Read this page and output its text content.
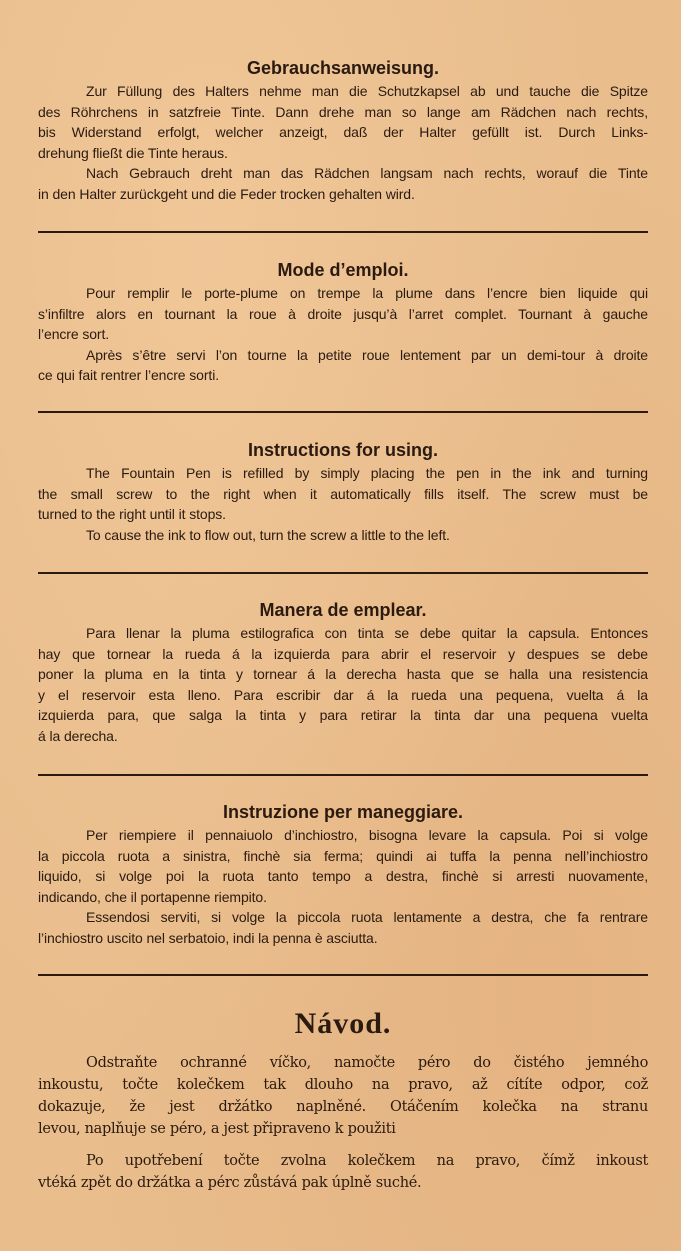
Gebrauchsanweisung.
Zur Füllung des Halters nehme man die Schutzkapsel ab und tauche die Spitze
des Röhrchens in satzfreie Tinte. Dann drehe man so lange am Rädchen nach rechts,
bis Widerstand erfolgt, welcher anzeigt, daß der Halter gefüllt ist. Durch Links-
drehung fließt die Tinte heraus.
Nach Gebrauch dreht man das Rädchen langsam nach rechts, worauf die Tinte
in den Halter zurückgeht und die Feder trocken gehalten wird.
Mode d’emploi.
Pour remplir le porte-plume on trempe la plume dans l’encre bien liquide qui
s’infiltre alors en tournant la roue à droite jusqu’à l’arret complet. Tournant à gauche
l’encre sort.
Après s’être servi l’on tourne la petite roue lentement par un demi-tour à droite
ce qui fait rentrer l’encre sorti.
Instructions for using.
The Fountain Pen is refilled by simply placing the pen in the ink and turning
the small screw to the right when it automatically fills itself. The screw must be
turned to the right until it stops.
To cause the ink to flow out, turn the screw a little to the left.
Manera de emplear.
Para llenar la pluma estilografica con tinta se debe quitar la capsula. Entonces
hay que tornear la rueda á la izquierda para abrir el reservoir y despues se debe
poner la pluma en la tinta y tornear á la derecha hasta que se halla una resistencia
y el reservoir esta lleno. Para escribir dar á la rueda una pequena, vuelta á la
izquierda para, que salga la tinta y para retirar la tinta dar una pequena vuelta
á la derecha.
Instruzione per maneggiare.
Per riempiere il pennaiuolo d’inchiostro, bisogna levare la capsula. Poi si volge
la piccola ruota a sinistra, finchè sia ferma; quindi ai tuffa la penna nell’inchiostro
liquido, si volge poi la ruota tanto tempo a destra, finchè si arresti nuovamente,
indicando, che il portapenne riempito.
Essendosi serviti, si volge la piccola ruota lentamente a destra, che fa rentrare
l’inchiostro uscito nel serbatoio, indi la penna è asciutta.
Návod.
Odstraňte ochranné víčko, namočte péro do čistého jemného
inkoustu, točte kolečkem tak dlouho na pravo, až cítíte odpor, což
dokazuje, že jest držátko naplněné. Otáčením kolečka na stranu
levou, naplňuje se péro, a jest připraveno k použiti
Po upotřebení točte zvolna kolečkem na pravo, čímž inkoust
vtéká zpět do držátka a pérc zůstává pak úplně suché.
